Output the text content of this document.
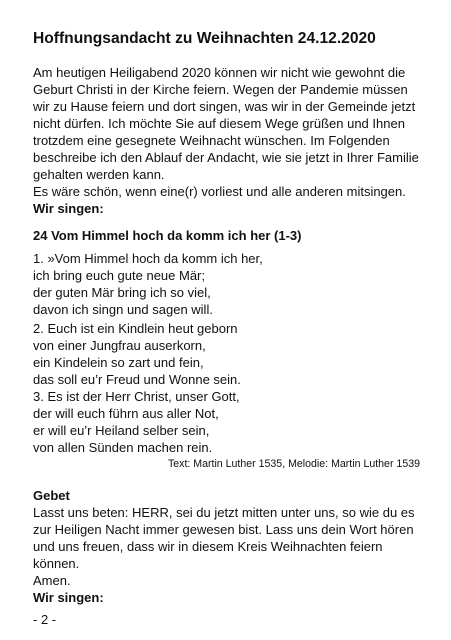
Hoffnungsandacht zu Weihnachten 24.12.2020
Am heutigen Heiligabend 2020 können wir nicht wie gewohnt die
Geburt Christi in der Kirche feiern. Wegen der Pandemie müssen
wir zu Hause feiern und dort singen, was wir in der Gemeinde jetzt
nicht dürfen. Ich möchte Sie auf diesem Wege grüßen und Ihnen
trotzdem eine gesegnete Weihnacht wünschen. Im Folgenden
beschreibe ich den Ablauf der Andacht, wie sie jetzt in Ihrer Familie
gehalten werden kann.
Es wäre schön, wenn eine(r) vorliest und alle anderen mitsingen.
Wir singen:
24 Vom Himmel hoch da komm ich her (1-3)
1. »Vom Himmel hoch da komm ich her,
ich bring euch gute neue Mär;
der guten Mär bring ich so viel,
davon ich singn und sagen will.
2. Euch ist ein Kindlein heut geborn
von einer Jungfrau auserkorn,
ein Kindelein so zart und fein,
das soll eu’r Freud und Wonne sein.
3. Es ist der Herr Christ, unser Gott,
der will euch führn aus aller Not,
er will eu’r Heiland selber sein,
von allen Sünden machen rein.
Text: Martin Luther 1535, Melodie: Martin Luther 1539
Gebet
Lasst uns beten: HERR, sei du jetzt mitten unter uns, so wie du es
zur Heiligen Nacht immer gewesen bist. Lass uns dein Wort hören
und uns freuen, dass wir in diesem Kreis Weihnachten feiern
können.
Amen.
Wir singen:
- 2 -
